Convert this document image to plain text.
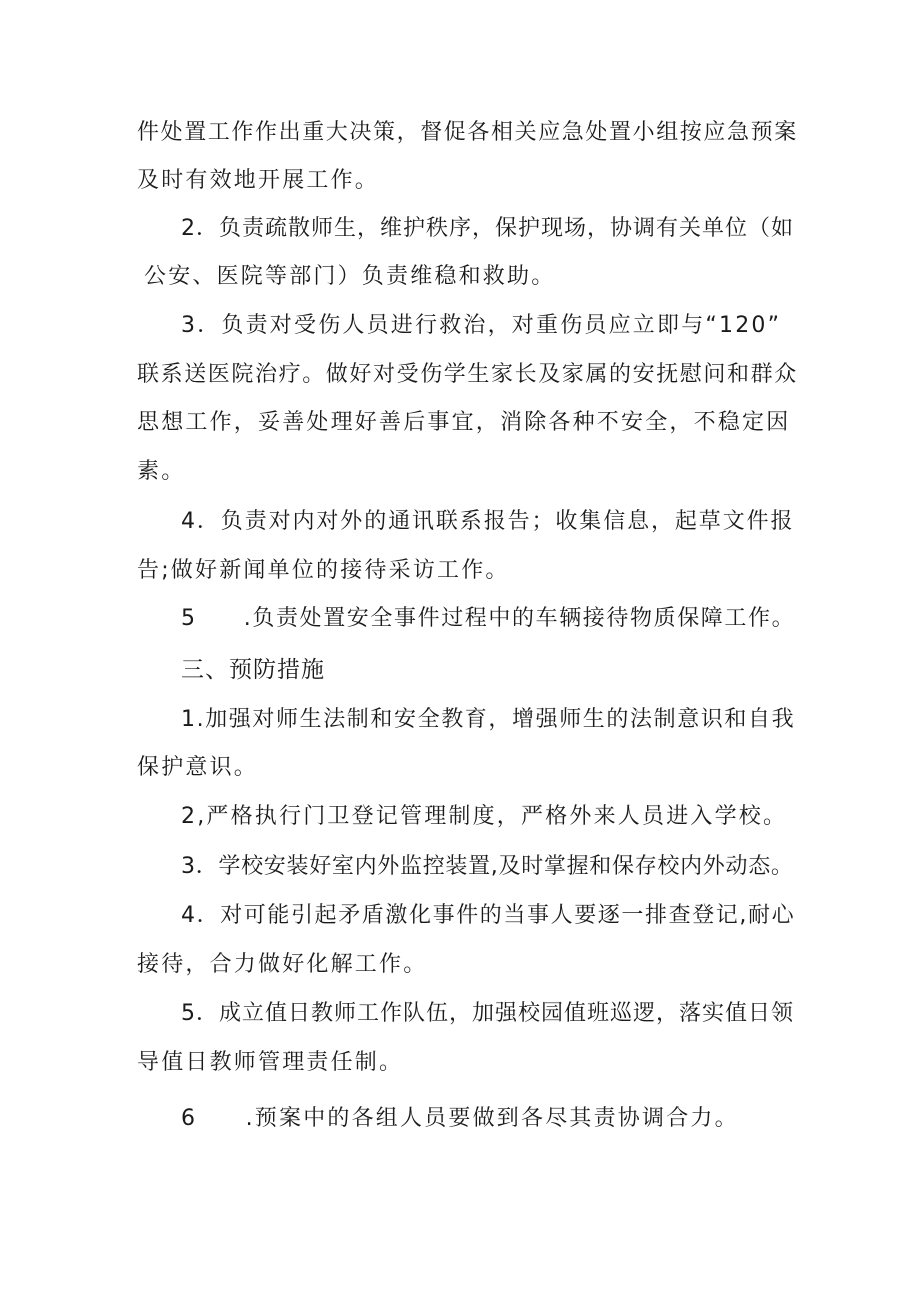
件处置工作作出重大决策，督促各相关应急处置小组按应急预案
及时有效地开展工作。
2．负责疏散师生，维护秩序，保护现场，协调有关单位（如
公安、医院等部门）负责维稳和救助。
3．负责对受伤人员进行救治，对重伤员应立即与“120”
联系送医院治疗。做好对受伤学生家长及家属的安抚慰问和群众
思想工作，妥善处理好善后事宜，消除各种不安全，不稳定因
素。
4．负责对内对外的通讯联系报告；收集信息，起草文件报
告;做好新闻单位的接待采访工作。
5　　.负责处置安全事件过程中的车辆接待物质保障工作。
三、预防措施
1.加强对师生法制和安全教育，增强师生的法制意识和自我
保护意识。
2,严格执行门卫登记管理制度，严格外来人员进入学校。
3．学校安装好室内外监控装置,及时掌握和保存校内外动态。
4．对可能引起矛盾激化事件的当事人要逐一排查登记,耐心
接待，合力做好化解工作。
5．成立值日教师工作队伍，加强校园值班巡逻，落实值日领
导值日教师管理责任制。
6　　.预案中的各组人员要做到各尽其责协调合力。
